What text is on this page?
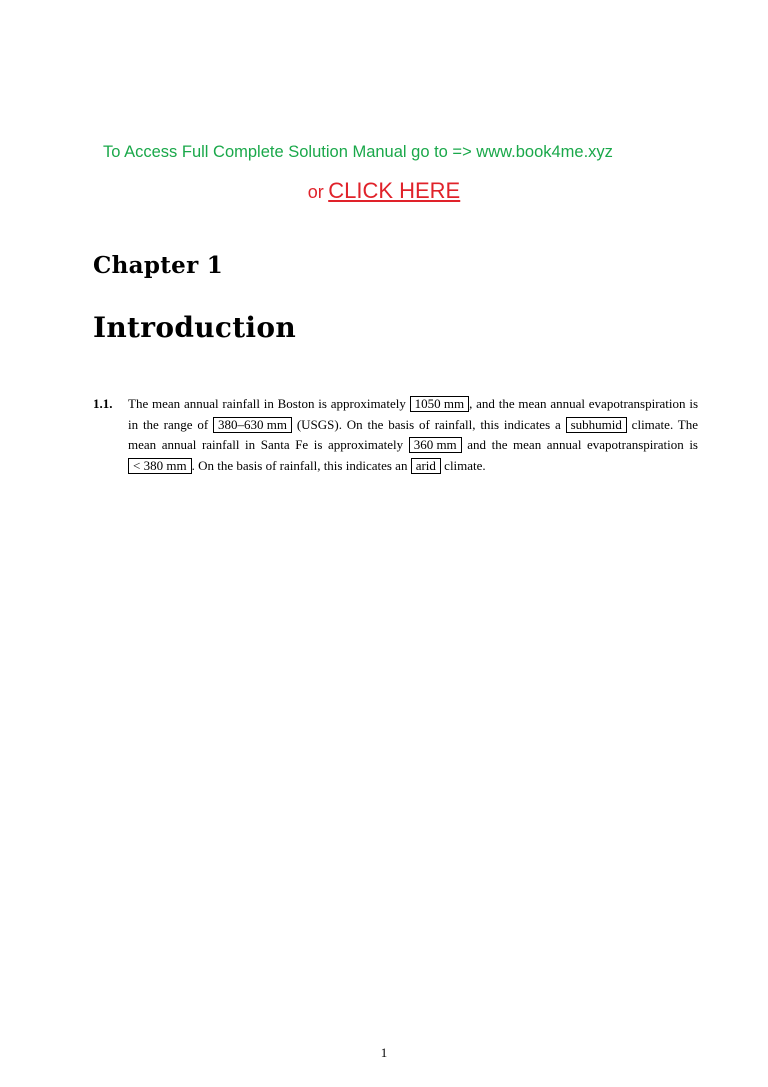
To Access Full Complete Solution Manual go to => www.book4me.xyz
or CLICK HERE
Chapter 1
Introduction
1.1. The mean annual rainfall in Boston is approximately 1050 mm , and the mean annual evapotranspiration is in the range of 380–630 mm (USGS). On the basis of rainfall, this indicates a subhumid climate. The mean annual rainfall in Santa Fe is approximately 360 mm and the mean annual evapotranspiration is < 380 mm . On the basis of rainfall, this indicates an arid climate.
1
